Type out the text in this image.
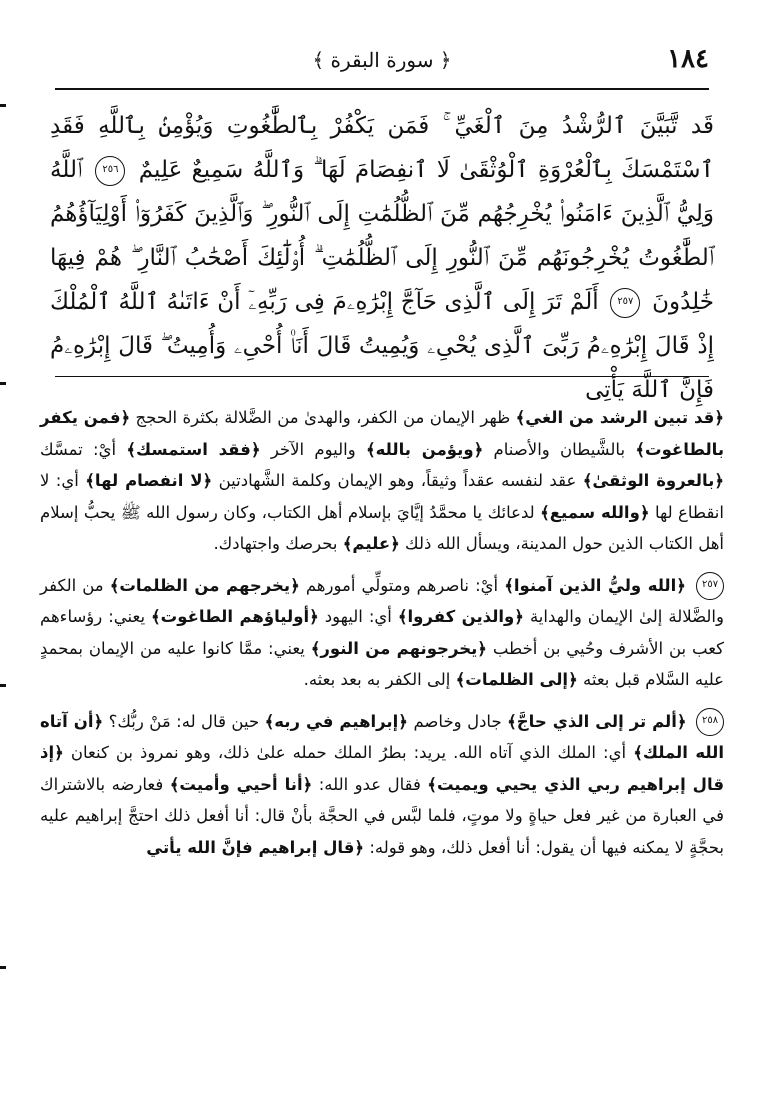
١٨٤
﴿ سورة البقرة ﴾
قَد تَّبَيَّنَ ٱلرُّشْدُ مِنَ ٱلْغَيِّ ۚ فَمَن يَكْفُرْ بِٱلطَّٰغُوتِ وَيُؤْمِنۢ بِٱللَّهِ فَقَدِ ٱسْتَمْسَكَ بِٱلْعُرْوَةِ ٱلْوُثْقَىٰ لَا ٱنفِصَامَ لَهَا ۗ وَٱللَّهُ سَمِيعٌ عَلِيمٌ ٢٥٦ ٱللَّهُ وَلِيُّ ٱلَّذِينَ ءَامَنُوا۟ يُخْرِجُهُم مِّنَ ٱلظُّلُمَٰتِ إِلَى ٱلنُّورِ ۖ وَٱلَّذِينَ كَفَرُوٓا۟ أَوْلِيَآؤُهُمُ ٱلطَّٰغُوتُ يُخْرِجُونَهُم مِّنَ ٱلنُّورِ إِلَى ٱلظُّلُمَٰتِ ۗ أُو۟لَٰٓئِكَ أَصْحَٰبُ ٱلنَّارِ ۖ هُمْ فِيهَا خَٰلِدُونَ ٢٥٧ أَلَمْ تَرَ إِلَى ٱلَّذِى حَآجَّ إِبْرَٰهِۦمَ فِى رَبِّهِۦٓ أَنْ ءَاتَىٰهُ ٱللَّهُ ٱلْمُلْكَ إِذْ قَالَ إِبْرَٰهِۦمُ رَبِّىَ ٱلَّذِى يُحْىِۦ وَيُمِيتُ قَالَ أَنَا۠ أُحْىِۦ وَأُمِيتُ ۖ قَالَ إِبْرَٰهِۦمُ فَإِنَّ ٱللَّهَ يَأْتِى

﴿قد تبين الرشد من الغي﴾ ظهر الإيمان من الكفر، والهدىٰ من الضَّلالة بكثرة الحجج ﴿فمن يكفر بالطاغوت﴾ بالشَّيطان والأصنام ﴿ويؤمن بالله﴾ واليوم الآخر ﴿فقد استمسك﴾ أيْ: تمسَّك ﴿بالعروة الوثقىٰ﴾ عقد لنفسه عقداً وثيقاً، وهو الإيمان وكلمة الشَّهادتين ﴿لا انفصام لها﴾ أي: لا انقطاع لها ﴿والله سميع﴾ لدعائك يا محمَّدُ إيَّايَ بإسلام أهل الكتاب، وكان رسول الله ﷺ يحبُّ إسلام أهل الكتاب الذين حول المدينة، ويسأل الله ذلك ﴿عليم﴾ بحرصك واجتهادك.

٢٥٧ ﴿الله وليُّ الذين آمنوا﴾ أيْ: ناصرهم ومتولِّي أمورهم ﴿يخرجهم من الظلمات﴾ من الكفر والضَّلالة إلىٰ الإيمان والهداية ﴿والذين كفروا﴾ أي: اليهود ﴿أولياؤهم الطاغوت﴾ يعني: رؤساءهم كعب بن الأشرف وحُيي بن أخطب ﴿يخرجونهم من النور﴾ يعني: ممَّا كانوا عليه من الإيمان بمحمدٍ عليه السَّلام قبل بعثه ﴿إلى الظلمات﴾ إلى الكفر به بعد بعثه.

٢٥٨ ﴿ألم تر إلى الذي حاجَّ﴾ جادل وخاصم ﴿إبراهيم في ربه﴾ حين قال له: مَنْ ربُّك؟ ﴿أن آتاه الله الملك﴾ أي: الملك الذي آتاه الله. يريد: بطرُ الملك حمله علىٰ ذلك، وهو نمروذ بن كنعان ﴿إذ قال إبراهيم ربي الذي يحيي ويميت﴾ فقال عدو الله: ﴿أنا أحيي وأميت﴾ فعارضه بالاشتراك في العبارة من غير فعل حياةٍ ولا موتٍ، فلما لبَّس في الحجَّة بأنْ قال: أنا أفعل ذلك احتجَّ إبراهيم عليه بحجَّةٍ لا يمكنه فيها أن يقول: أنا أفعل ذلك، وهو قوله: ﴿قال إبراهيم فإنَّ الله يأتي
